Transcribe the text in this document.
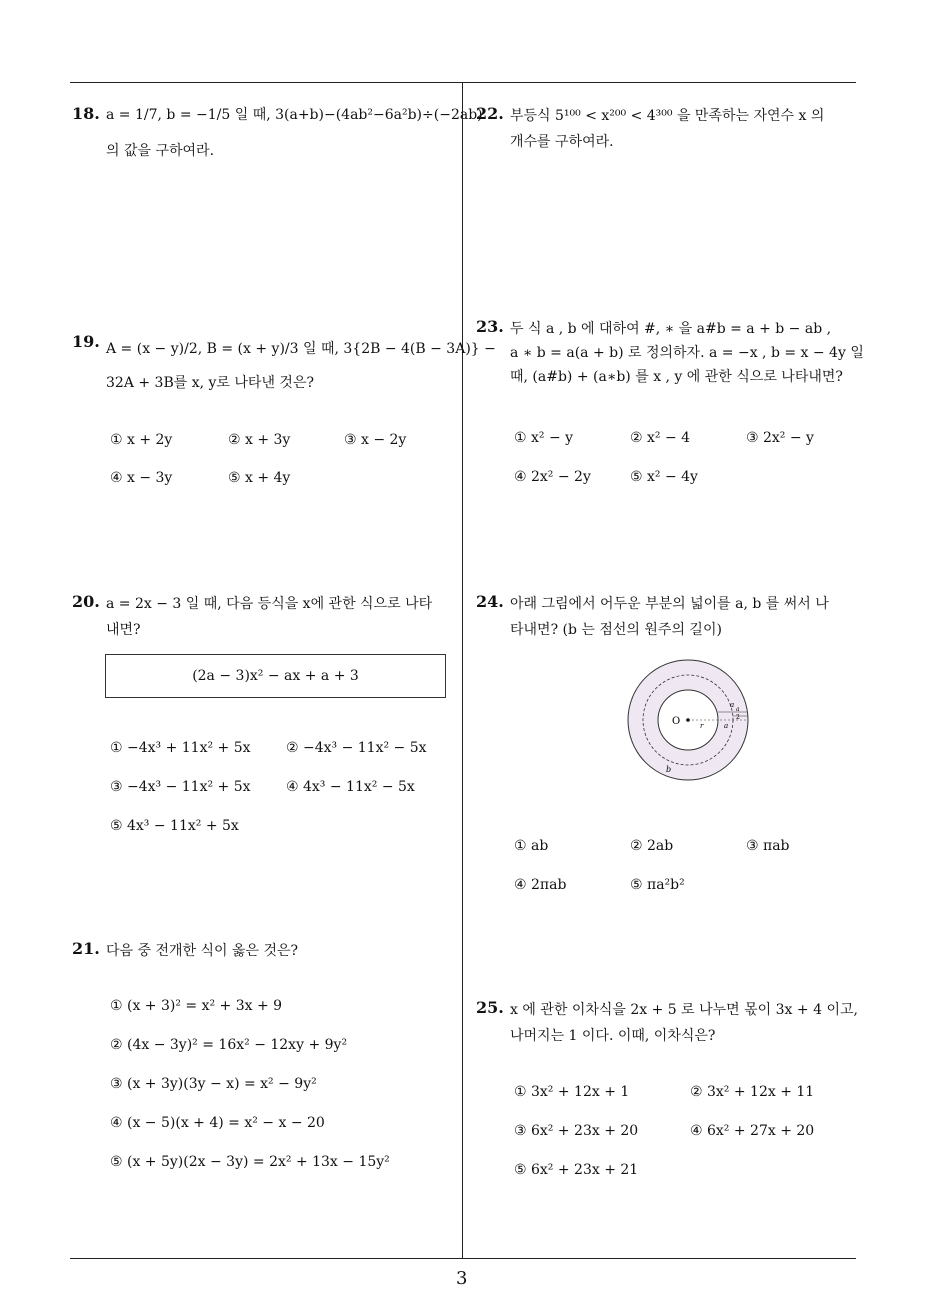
18. a = 1/7, b = −1/5 일 때, 3(a+b)−(4ab²−6a²b)÷(−2ab)
의 값을 구하여라.
19. A = (x − y)/2, B = (x + y)/3 일 때, 3{2B − 4(B − 3A)} −
32A + 3B를 x, y로 나타낸 것은?
① x + 2y	② x + 3y	③ x − 2y
④ x − 3y	⑤ x + 4y
20. a = 2x − 3 일 때, 다음 등식을 x에 관한 식으로 나타
내면?
(2a − 3)x² − ax + a + 3
① −4x³ + 11x² + 5x	② −4x³ − 11x² − 5x
③ −4x³ − 11x² + 5x	④ 4x³ − 11x² − 5x
⑤ 4x³ − 11x² + 5x
21. 다음 중 전개한 식이 옳은 것은?
① (x + 3)² = x² + 3x + 9
② (4x − 3y)² = 16x² − 12xy + 9y²
③ (x + 3y)(3y − x) = x² − 9y²
④ (x − 5)(x + 4) = x² − x − 20
⑤ (x + 5y)(2x − 3y) = 2x² + 13x − 15y²
22. 부등식 5¹⁰⁰ < x²⁰⁰ < 4³⁰⁰ 을 만족하는 자연수 x 의
개수를 구하여라.
23. 두 식 a , b 에 대하여 #, ∗ 을 a#b = a + b − ab ,
a ∗ b = a(a + b) 로 정의하자. a = −x , b = x − 4y 일
때, (a#b) + (a∗b) 를 x , y 에 관한 식으로 나타내면?
① x² − y	② x² − 4	③ 2x² − y
④ 2x² − 2y	⑤ x² − 4y
24. 아래 그림에서 어두운 부분의 넓이를 a, b 를 써서 나
타내면? (b 는 점선의 원주의 길이)
O	r	a
a
a
2
b
① ab	② 2ab	③ πab
④ 2πab	⑤ πa²b²
25. x 에 관한 이차식을 2x + 5 로 나누면 몫이 3x + 4 이고,
나머지는 1 이다. 이때, 이차식은?
① 3x² + 12x + 1	② 3x² + 12x + 11
③ 6x² + 23x + 20	④ 6x² + 27x + 20
⑤ 6x² + 23x + 21
3
